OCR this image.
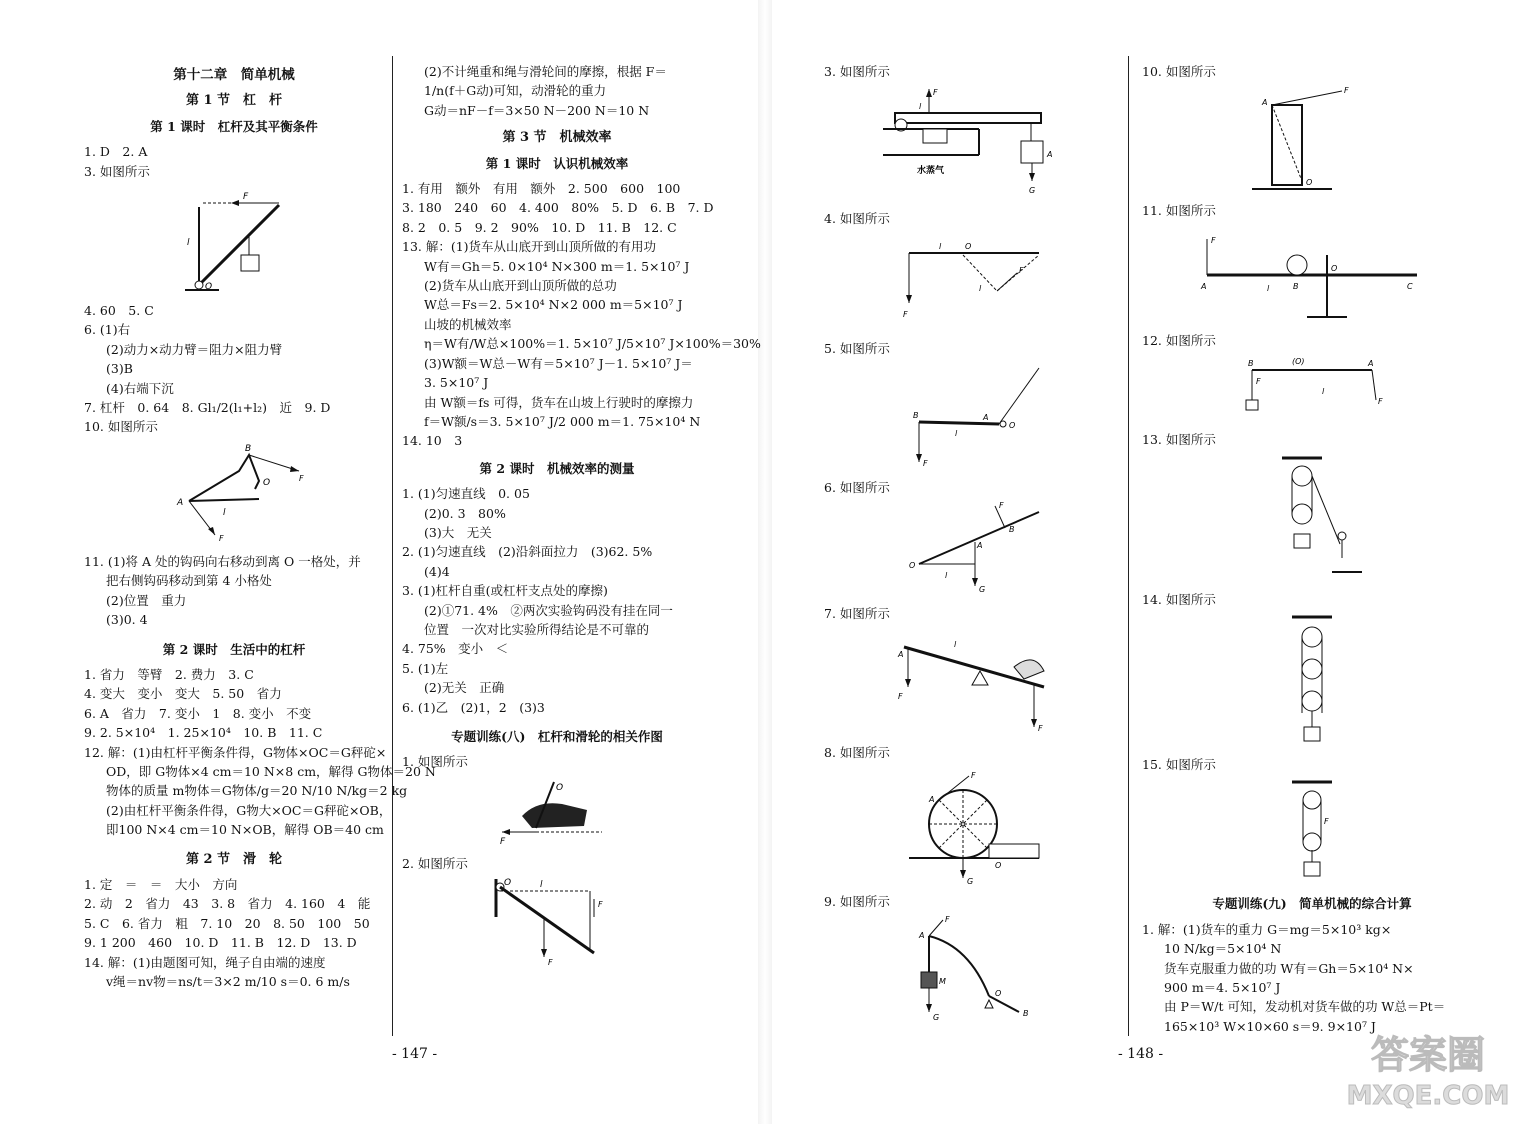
第十二章　简单机械
第 1 节　杠　杆
第 1 课时　杠杆及其平衡条件
1. D　2. A
3. 如图所示
F
l
O
4. 60　5. C
6. (1)右
(2)动力×动力臂＝阻力×阻力臂
(3)B
(4)右端下沉
7. 杠杆　0. 64　8. Gl₁/2(l₁+l₂)　近　9. D
10. 如图所示
A
B
O
l
F
F
11. (1)将 A 处的钩码向右移动到离 O 一格处，并
把右侧钩码移动到第 4 小格处
(2)位置　重力
(3)0. 4
第 2 课时　生活中的杠杆
1. 省力　等臂　2. 费力　3. C
4. 变大　变小　变大　5. 50　省力
6. A　省力　7. 变小　1　8. 变小　不变
9. 2. 5×10⁴　1. 25×10⁴　10. B　11. C
12. 解：(1)由杠杆平衡条件得，G物体×OC＝G秤砣×
OD，即 G物体×4 cm＝10 N×8 cm，解得 G物体＝20 N
物体的质量 m物体＝G物体/g＝20 N/10 N/kg＝2 kg
(2)由杠杆平衡条件得，G物大×OC＝G秤砣×OB，
即100 N×4 cm＝10 N×OB，解得 OB＝40 cm
第 2 节　滑　轮
1. 定　＝　＝　大小　方向
2. 动　2　省力　43　3. 8　省力　4. 160　4　能
5. C　6. 省力　粗　7. 10　20　8. 50　100　50
9. 1 200　460　10. D　11. B　12. D　13. D
14. 解：(1)由题图可知，绳子自由端的速度
v绳＝nv物＝ns/t＝3×2 m/10 s＝0. 6 m/s
(2)不计绳重和绳与滑轮间的摩擦，根据 F＝
1/n(f＋G动)可知，动滑轮的重力
G动＝nF－f＝3×50 N－200 N＝10 N
第 3 节　机械效率
第 1 课时　认识机械效率
1. 有用　额外　有用　额外　2. 500　600　100
3. 180　240　60　4. 400　80%　5. D　6. B　7. D
8. 2　0. 5　9. 2　90%　10. D　11. B　12. C
13. 解：(1)货车从山底开到山顶所做的有用功
W有＝Gh＝5. 0×10⁴ N×300 m＝1. 5×10⁷ J
(2)货车从山底开到山顶所做的总功
W总＝Fs＝2. 5×10⁴ N×2 000 m＝5×10⁷ J
山坡的机械效率
η＝W有/W总×100%＝1. 5×10⁷ J/5×10⁷ J×100%＝30%
(3)W额＝W总－W有＝5×10⁷ J－1. 5×10⁷ J＝
3. 5×10⁷ J
由 W额＝fs 可得，货车在山坡上行驶时的摩擦力
f＝W额/s＝3. 5×10⁷ J/2 000 m＝1. 75×10⁴ N
14. 10　3
第 2 课时　机械效率的测量
1. (1)匀速直线　0. 05
(2)0. 3　80%
(3)大　无关
2. (1)匀速直线　(2)沿斜面拉力　(3)62. 5%
(4)4
3. (1)杠杆自重(或杠杆支点处的摩擦)
(2)①71. 4%　②两次实验钩码没有挂在同一
位置　一次对比实验所得结论是不可靠的
4. 75%　变小　＜
5. (1)左
(2)无关　正确
6. (1)乙　(2)1，2　(3)3
专题训练(八)　杠杆和滑轮的相关作图
1. 如图所示
O
F
2. 如图所示
O	l
F
F
- 147 -
3. 如图所示
F
l
水蒸气
A
G
4. 如图所示
F
l	O
F
l
5. 如图所示
O
B	A
F
l
6. 如图所示
G
F
B
A
O
l
7. 如图所示
F
A
l
F
8. 如图所示
F
A
G
O
9. 如图所示
O
B
F
A
M
G
10. 如图所示
F
A
O
11. 如图所示
F
A	B
l
O
C
12. 如图所示
B	(O)	A
F
F
l
13. 如图所示
14. 如图所示
15. 如图所示
F
专题训练(九)　简单机械的综合计算
1. 解：(1)货车的重力 G＝mg＝5×10³ kg×
10 N/kg＝5×10⁴ N
货车克服重力做的功 W有＝Gh＝5×10⁴ N×
900 m＝4. 5×10⁷ J
由 P＝W/t 可知，发动机对货车做的功 W总＝Pt＝
165×10³ W×10×60 s＝9. 9×10⁷ J
- 148 -	答案圈
MXQE.COM
